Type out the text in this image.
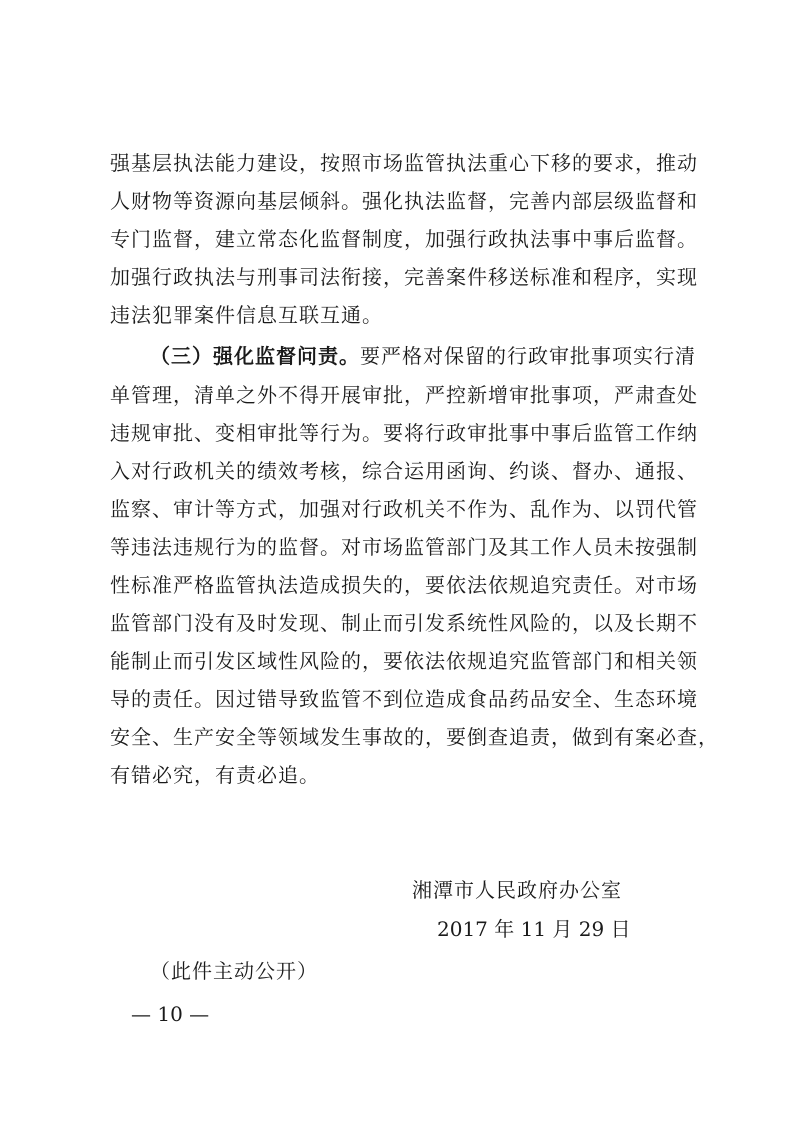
强基层执法能力建设，按照市场监管执法重心下移的要求，推动
人财物等资源向基层倾斜。强化执法监督，完善内部层级监督和
专门监督，建立常态化监督制度，加强行政执法事中事后监督。
加强行政执法与刑事司法衔接，完善案件移送标准和程序，实现
违法犯罪案件信息互联互通。
（三）强化监督问责。 要严格对保留的行政审批事项实行清
单管理，清单之外不得开展审批，严控新增审批事项，严肃查处
违规审批、变相审批等行为。要将行政审批事中事后监管工作纳
入对行政机关的绩效考核，综合运用函询、约谈、督办、通报、
监察、审计等方式，加强对行政机关不作为、乱作为、以罚代管
等违法违规行为的监督。对市场监管部门及其工作人员未按强制
性标准严格监管执法造成损失的，要依法依规追究责任。对市场
监管部门没有及时发现、制止而引发系统性风险的，以及长期不
能制止而引发区域性风险的，要依法依规追究监管部门和相关领
导的责任。因过错导致监管不到位造成食品药品安全、生态环境
安全、生产安全等领域发生事故的，要倒查追责，做到有案必查，
有错必究，有责必追。
湘潭市人民政府办公室
2017 年 11 月 29 日
（此件主动公开）
— 10 —
